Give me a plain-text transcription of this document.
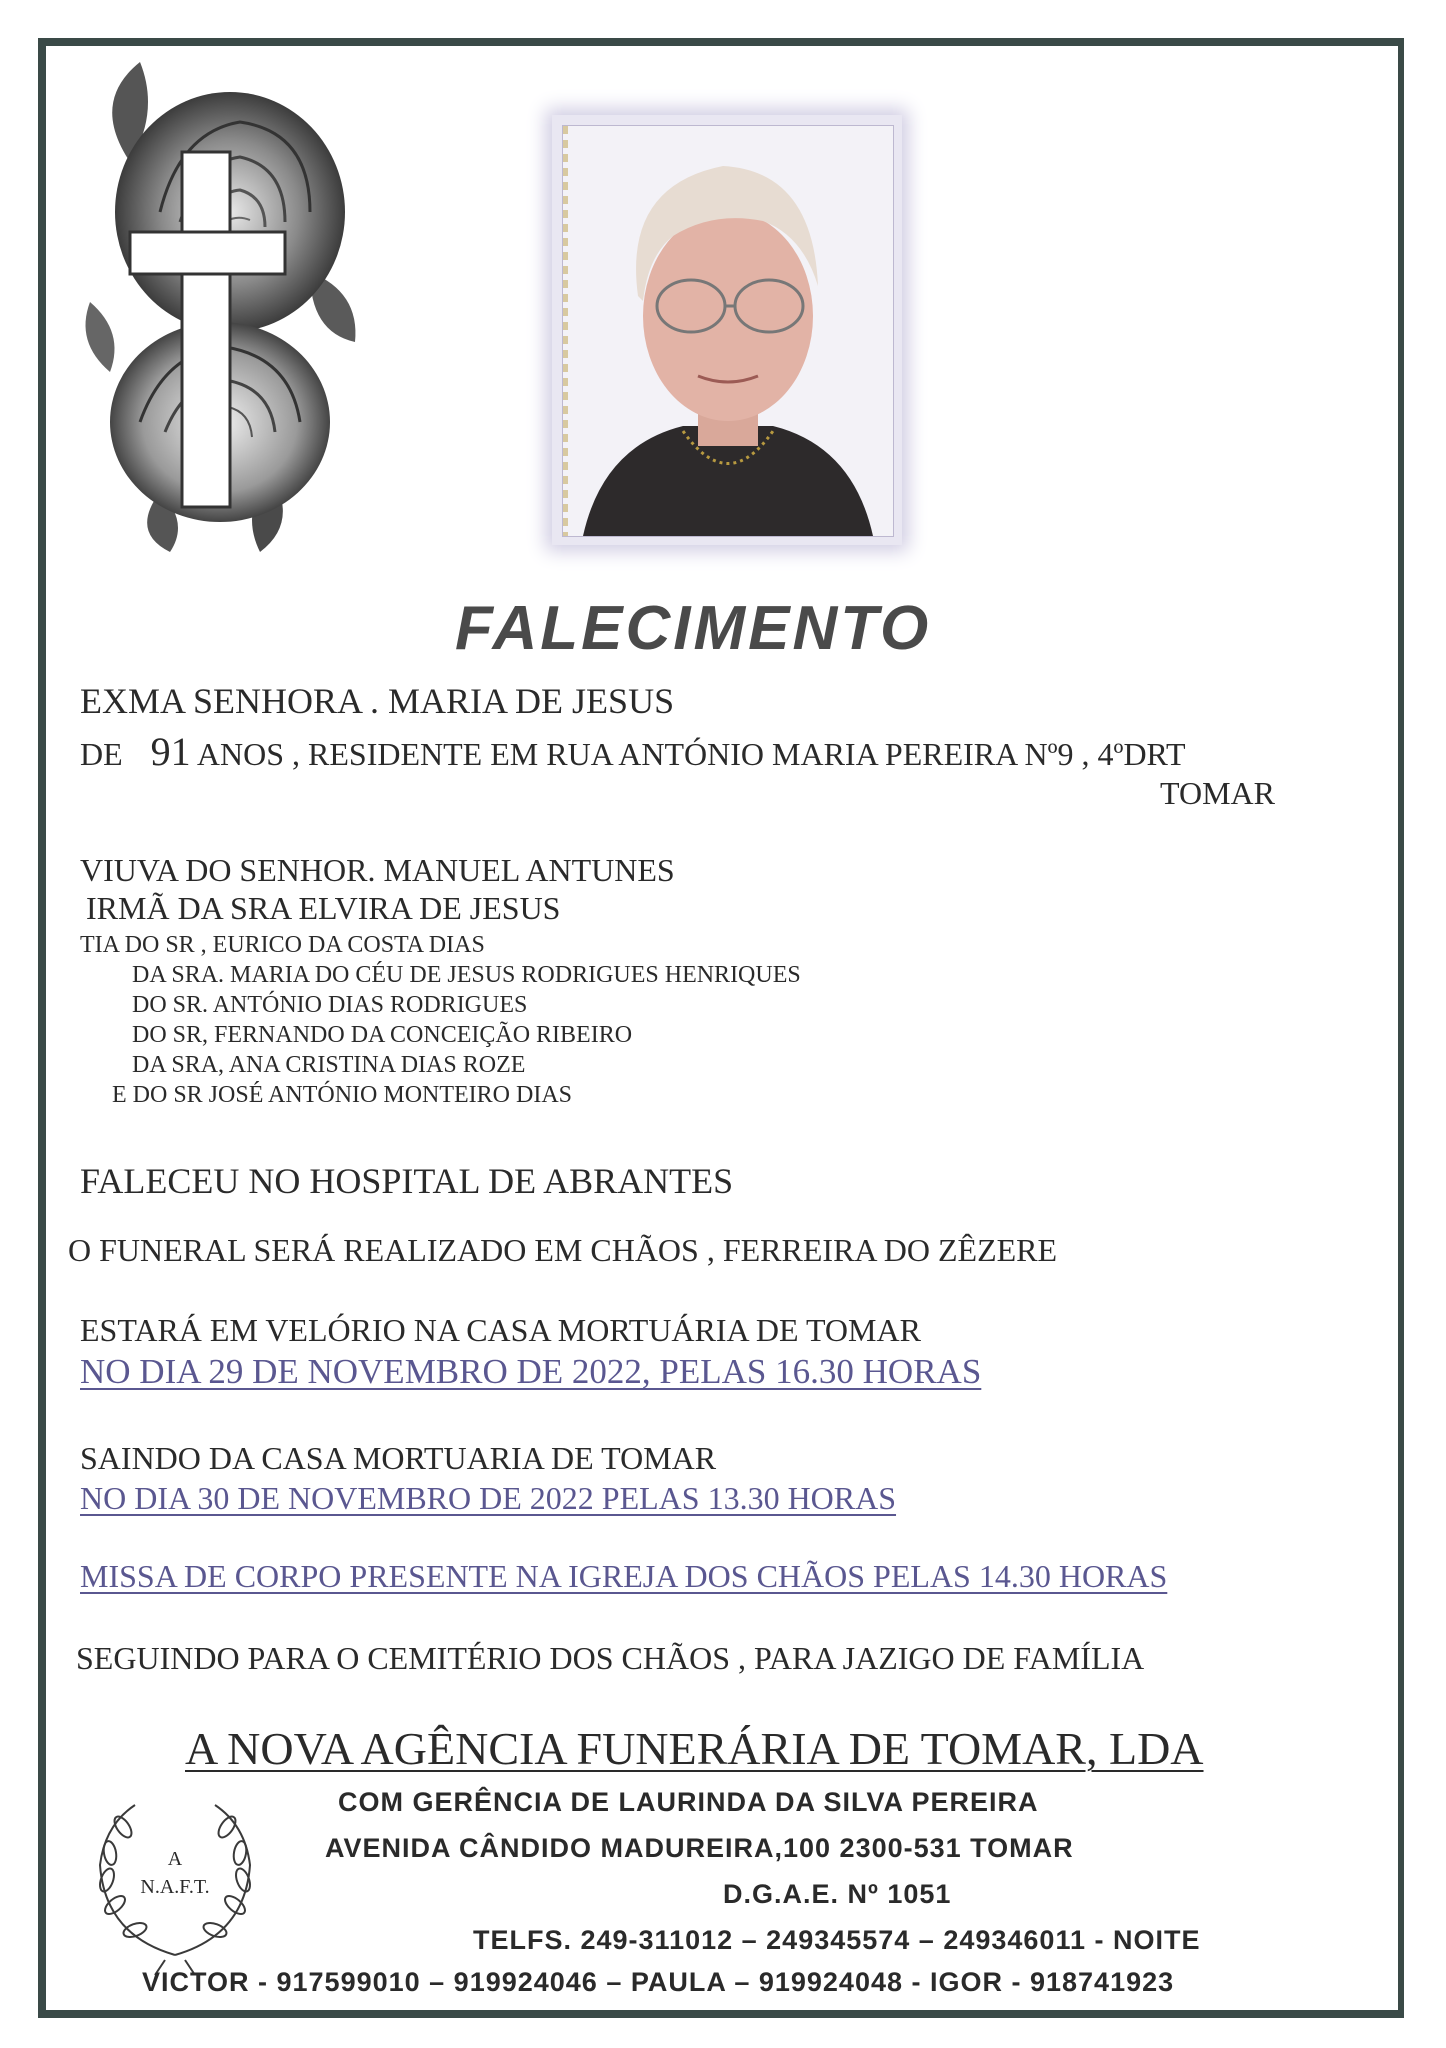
FALECIMENTO
EXMA SENHORA . MARIA DE JESUS
DE 91 ANOS , RESIDENTE EM RUA ANTÓNIO MARIA PEREIRA Nº9 , 4ºDRT
TOMAR
VIUVA DO SENHOR. MANUEL ANTUNES
IRMÃ DA SRA ELVIRA DE JESUS
TIA DO SR , EURICO DA COSTA DIAS
DA SRA. MARIA DO CÉU DE JESUS RODRIGUES HENRIQUES
DO SR. ANTÓNIO DIAS RODRIGUES
DO SR, FERNANDO DA CONCEIÇÃO RIBEIRO
DA SRA, ANA CRISTINA DIAS ROZE
E DO SR JOSÉ ANTÓNIO MONTEIRO DIAS
FALECEU NO HOSPITAL DE ABRANTES
O FUNERAL SERÁ REALIZADO EM CHÃOS , FERREIRA DO ZÊZERE
ESTARÁ EM VELÓRIO NA CASA MORTUÁRIA DE TOMAR
NO DIA 29 DE NOVEMBRO DE 2022, PELAS 16.30 HORAS
SAINDO DA CASA MORTUARIA DE TOMAR
NO DIA 30 DE NOVEMBRO DE 2022 PELAS 13.30 HORAS
MISSA DE CORPO PRESENTE NA IGREJA DOS CHÃOS PELAS 14.30 HORAS
SEGUINDO PARA O CEMITÉRIO DOS CHÃOS , PARA JAZIGO DE FAMÍLIA
A NOVA AGÊNCIA FUNERÁRIA DE TOMAR, LDA
A
N.A.F.T.
COM GERÊNCIA DE LAURINDA DA SILVA PEREIRA
AVENIDA CÂNDIDO MADUREIRA,100 2300-531 TOMAR
D.G.A.E. Nº 1051
TELFS. 249-311012 – 249345574 – 249346011 - NOITE
VICTOR - 917599010 – 919924046 – PAULA – 919924048 - IGOR - 918741923
